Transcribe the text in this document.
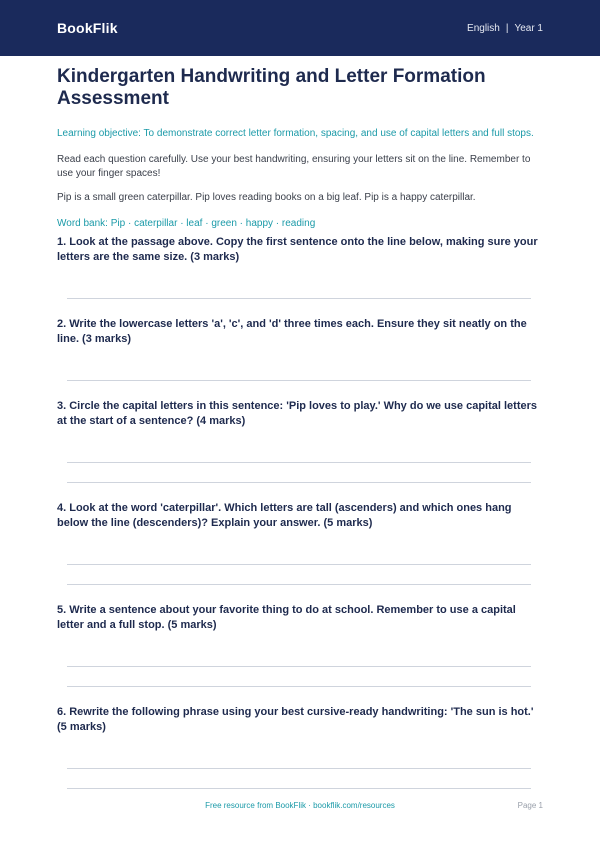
BookFlik	English | Year 1
Kindergarten Handwriting and Letter Formation Assessment
Learning objective: To demonstrate correct letter formation, spacing, and use of capital letters and full stops.
Read each question carefully. Use your best handwriting, ensuring your letters sit on the line. Remember to use your finger spaces!
Pip is a small green caterpillar. Pip loves reading books on a big leaf. Pip is a happy caterpillar.
Word bank: Pip · caterpillar · leaf · green · happy · reading
1. Look at the passage above. Copy the first sentence onto the line below, making sure your letters are the same size. (3 marks)
2. Write the lowercase letters 'a', 'c', and 'd' three times each. Ensure they sit neatly on the line. (3 marks)
3. Circle the capital letters in this sentence: 'Pip loves to play.' Why do we use capital letters at the start of a sentence? (4 marks)
4. Look at the word 'caterpillar'. Which letters are tall (ascenders) and which ones hang below the line (descenders)? Explain your answer. (5 marks)
5. Write a sentence about your favorite thing to do at school. Remember to use a capital letter and a full stop. (5 marks)
6. Rewrite the following phrase using your best cursive-ready handwriting: 'The sun is hot.' (5 marks)
Free resource from BookFlik · bookflik.com/resources	Page 1
